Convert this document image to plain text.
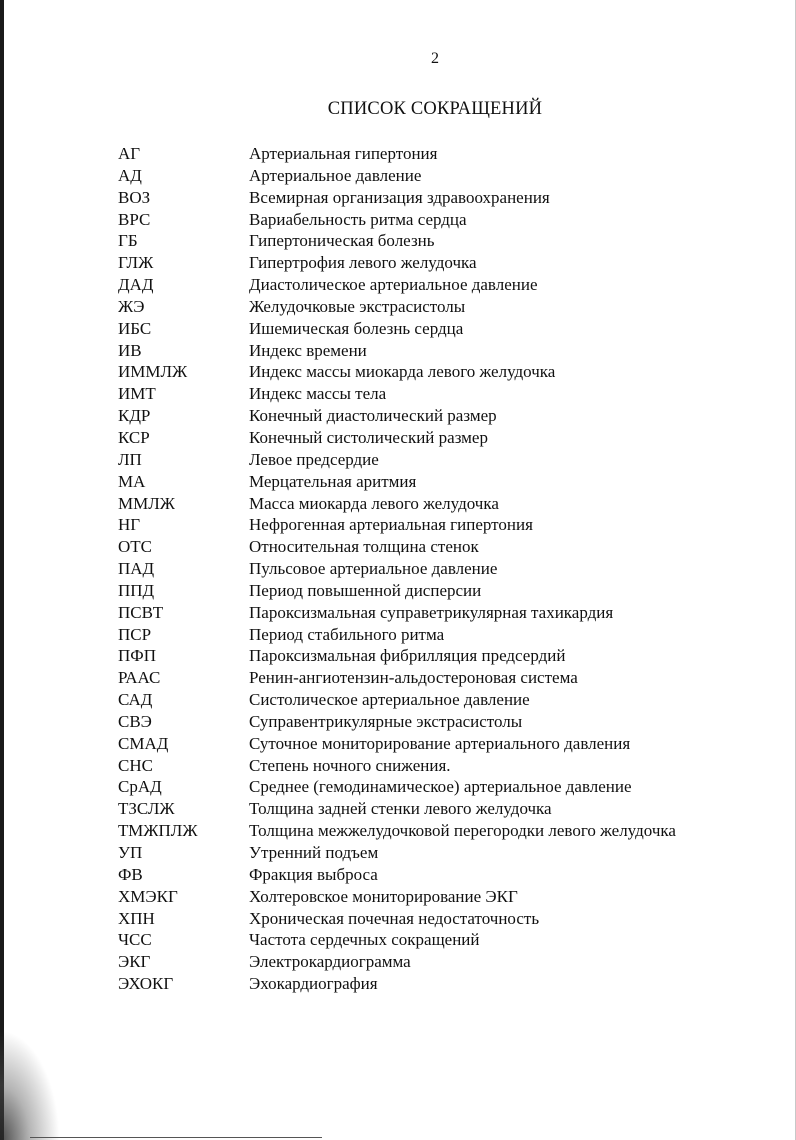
2
СПИСОК СОКРАЩЕНИЙ
АГ	Артериальная гипертония
АД	Артериальное давление
ВОЗ	Всемирная организация здравоохранения
ВРС	Вариабельность ритма сердца
ГБ	Гипертоническая болезнь
ГЛЖ	Гипертрофия левого желудочка
ДАД	Диастолическое артериальное давление
ЖЭ	Желудочковые экстрасистолы
ИБС	Ишемическая болезнь сердца
ИВ	Индекс времени
ИММЛЖ	Индекс массы миокарда левого желудочка
ИМТ	Индекс массы тела
КДР	Конечный диастолический размер
КСР	Конечный систолический размер
ЛП	Левое предсердие
МА	Мерцательная аритмия
ММЛЖ	Масса миокарда левого желудочка
НГ	Нефрогенная артериальная гипертония
ОТС	Относительная толщина стенок
ПАД	Пульсовое артериальное давление
ППД	Период повышенной дисперсии
ПСВТ	Пароксизмальная суправетрикулярная тахикардия
ПСР	Период стабильного ритма
ПФП	Пароксизмальная фибрилляция предсердий
РААС	Ренин-ангиотензин-альдостероновая система
САД	Систолическое артериальное давление
СВЭ	Суправентрикулярные экстрасистолы
СМАД	Суточное мониторирование артериального давления
СНС	Степень ночного снижения.
СрАД	Среднее (гемодинамическое) артериальное давление
ТЗСЛЖ	Толщина задней стенки левого желудочка
ТМЖПЛЖ	Толщина межжелудочковой перегородки левого желудочка
УП	Утренний подъем
ФВ	Фракция выброса
ХМЭКГ	Холтеровское мониторирование ЭКГ
ХПН	Хроническая почечная недостаточность
ЧСС	Частота сердечных сокращений
ЭКГ	Электрокардиограмма
ЭХОКГ	Эхокардиография
